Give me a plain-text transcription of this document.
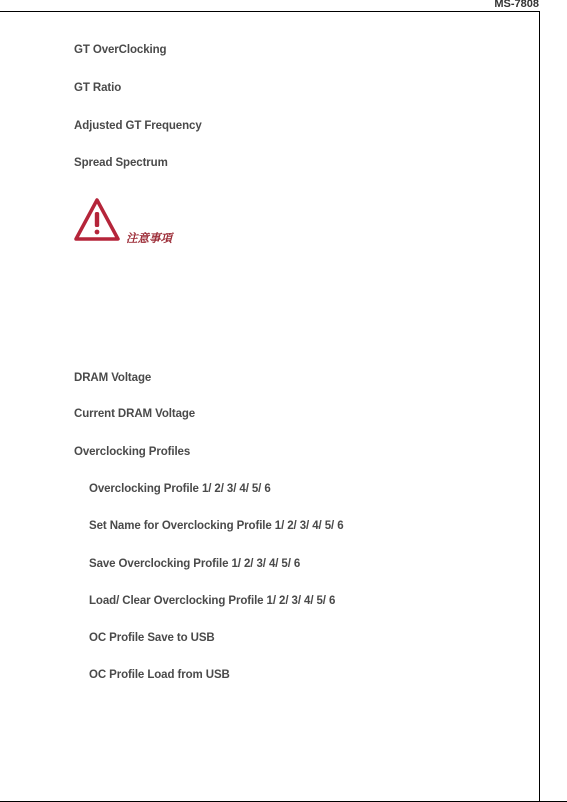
MS-7808
GT OverClocking
GT Ratio
Adjusted GT Frequency
Spread Spectrum
注意事項
DRAM Voltage
Current DRAM Voltage
Overclocking Profiles
Overclocking Profile 1/ 2/ 3/ 4/ 5/ 6
Set Name for Overclocking Profile 1/ 2/ 3/ 4/ 5/ 6
Save Overclocking Profile 1/ 2/ 3/ 4/ 5/ 6
Load/ Clear Overclocking Profile 1/ 2/ 3/ 4/ 5/ 6
OC Profile Save to USB
OC Profile Load from USB
